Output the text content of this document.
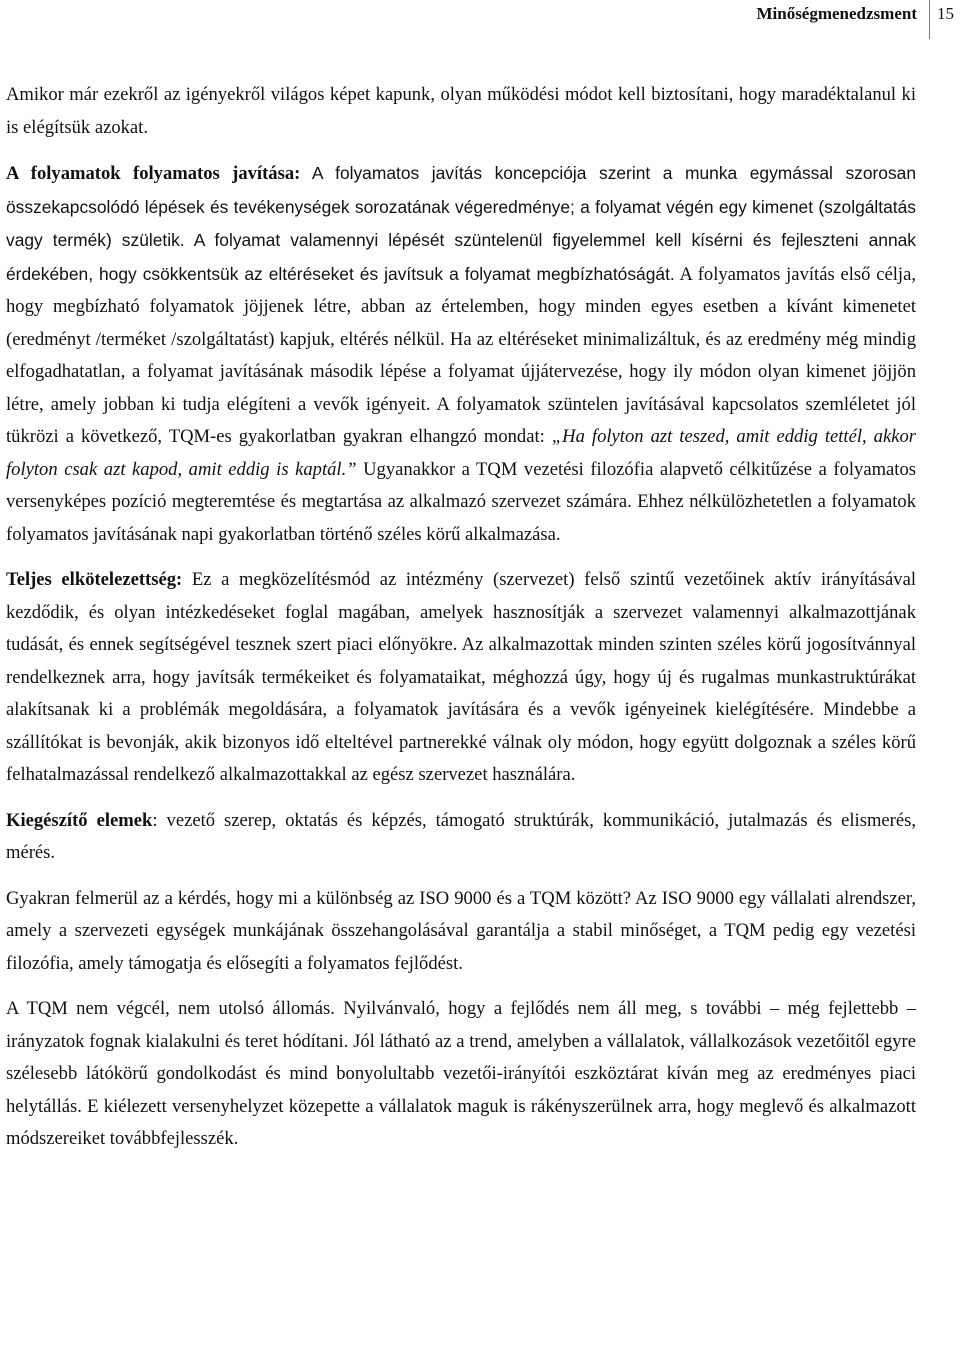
Minőségmenedzsment 15

Amikor már ezekről az igényekről világos képet kapunk, olyan működési módot kell biztosítani, hogy maradéktalanul ki is elégítsük azokat.

A folyamatok folyamatos javítása: A folyamatos javítás koncepciója szerint a munka egymással szorosan összekapcsolódó lépések és tevékenységek sorozatának végeredménye; a folyamat végén egy kimenet (szolgáltatás vagy termék) születik. A folyamat valamennyi lépését szüntelenül figyelemmel kell kísérni és fejleszteni annak érdekében, hogy csökkentsük az eltéréseket és javítsuk a folyamat megbízhatóságát. A folyamatos javítás első célja, hogy megbízható folyamatok jöjjenek létre, abban az értelemben, hogy minden egyes esetben a kívánt kimenetet (eredményt /terméket /szolgáltatást) kapjuk, eltérés nélkül. Ha az eltéréseket minimalizáltuk, és az eredmény még mindig elfogadhatatlan, a folyamat javításának második lépése a folyamat újjátervezése, hogy ily módon olyan kimenet jöjjön létre, amely jobban ki tudja elégíteni a vevők igényeit. A folyamatok szüntelen javításával kapcsolatos szemléletet jól tükrözi a következő, TQM-es gyakorlatban gyakran elhangzó mondat: „Ha folyton azt teszed, amit eddig tettél, akkor folyton csak azt kapod, amit eddig is kaptál.” Ugyanakkor a TQM vezetési filozófia alapvető célkitűzése a folyamatos versenyképes pozíció megteremtése és megtartása az alkalmazó szervezet számára. Ehhez nélkülözhetetlen a folyamatok folyamatos javításának napi gyakorlatban történő széles körű alkalmazása.

Teljes elkötelezettség: Ez a megközelítésmód az intézmény (szervezet) felső szintű vezetőinek aktív irányításával kezdődik, és olyan intézkedéseket foglal magában, amelyek hasznosítják a szervezet valamennyi alkalmazottjának tudását, és ennek segítségével tesznek szert piaci előnyökre. Az alkalmazottak minden szinten széles körű jogosítvánnyal rendelkeznek arra, hogy javítsák termékeiket és folyamataikat, méghozzá úgy, hogy új és rugalmas munkastruktúrákat alakítsanak ki a problémák megoldására, a folyamatok javítására és a vevők igényeinek kielégítésére. Mindebbe a szállítókat is bevonják, akik bizonyos idő elteltével partnerekké válnak oly módon, hogy együtt dolgoznak a széles körű felhatalmazással rendelkező alkalmazottakkal az egész szervezet használára.

Kiegészítő elemek: vezető szerep, oktatás és képzés, támogató struktúrák, kommunikáció, jutalmazás és elismerés, mérés.

Gyakran felmerül az a kérdés, hogy mi a különbség az ISO 9000 és a TQM között? Az ISO 9000 egy vállalati alrendszer, amely a szervezeti egységek munkájának összehangolásával garantálja a stabil minőséget, a TQM pedig egy vezetési filozófia, amely támogatja és elősegíti a folyamatos fejlődést.

A TQM nem végcél, nem utolsó állomás. Nyilvánvaló, hogy a fejlődés nem áll meg, s további – még fejlettebb – irányzatok fognak kialakulni és teret hódítani. Jól látható az a trend, amelyben a vállalatok, vállalkozások vezetőitől egyre szélesebb látókörű gondolkodást és mind bonyolultabb vezetői-irányítói eszköztárat kíván meg az eredményes piaci helytállás. E kiélezett versenyhelyzet közepette a vállalatok maguk is rákényszerülnek arra, hogy meglevő és alkalmazott módszereiket továbbfejlesszék.
